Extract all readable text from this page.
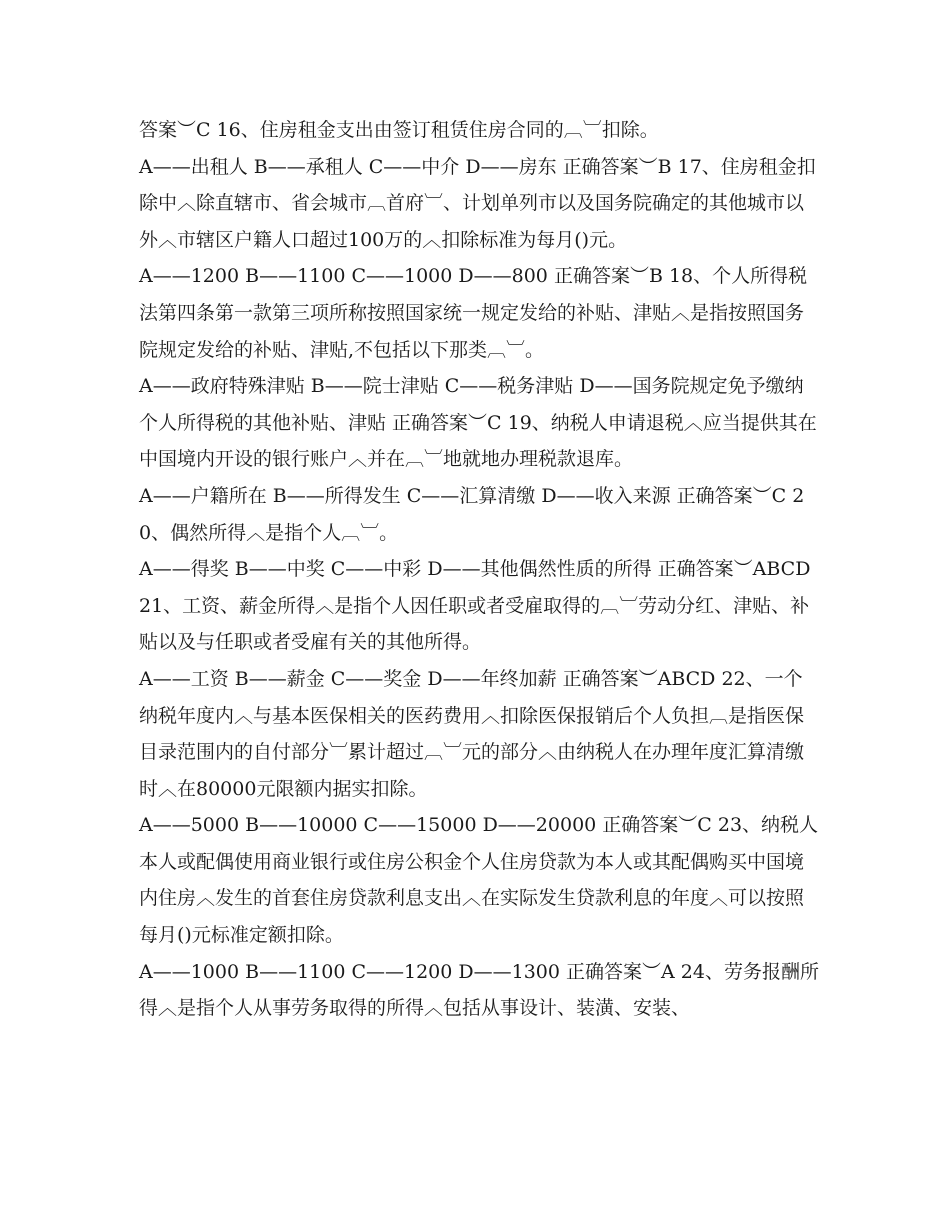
答案︶C 16、住房租金支出由签订租赁住房合同的︹︺扣除。

A——出租人 B——承租人 C——中介 D——房东 正确答案︶B 17、住房租金扣除中︿除直辖市、省会城市︹首府︺、计划单列市以及国务院确定的其他城市以外︿市辖区户籍人口超过100万的︿扣除标准为每月()元。

A——1200 B——1100 C——1000 D——800 正确答案︶B 18、个人所得税法第四条第一款第三项所称按照国家统一规定发给的补贴、津贴︿是指按照国务院规定发给的补贴、津贴,不包括以下那类︹︺。

A——政府特殊津贴 B——院士津贴 C——税务津贴 D——国务院规定免予缴纳个人所得税的其他补贴、津贴 正确答案︶C 19、纳税人申请退税︿应当提供其在中国境内开设的银行账户︿并在︹︺地就地办理税款退库。

A——户籍所在 B——所得发生 C——汇算清缴 D——收入来源 正确答案︶C 20、偶然所得︿是指个人︹︺。

A——得奖 B——中奖 C——中彩 D——其他偶然性质的所得 正确答案︶ABCD 21、工资、薪金所得︿是指个人因任职或者受雇取得的︹︺劳动分红、津贴、补贴以及与任职或者受雇有关的其他所得。

A——工资 B——薪金 C——奖金 D——年终加薪 正确答案︶ABCD 22、一个纳税年度内︿与基本医保相关的医药费用︿扣除医保报销后个人负担︹是指医保目录范围内的自付部分︺累计超过︹︺元的部分︿由纳税人在办理年度汇算清缴时︿在80000元限额内据实扣除。

A——5000 B——10000 C——15000 D——20000 正确答案︶C 23、纳税人本人或配偶使用商业银行或住房公积金个人住房贷款为本人或其配偶购买中国境内住房︿发生的首套住房贷款利息支出︿在实际发生贷款利息的年度︿可以按照每月()元标准定额扣除。

A——1000 B——1100 C——1200 D——1300 正确答案︶A 24、劳务报酬所得︿是指个人从事劳务取得的所得︿包括从事设计、装潢、安装、
